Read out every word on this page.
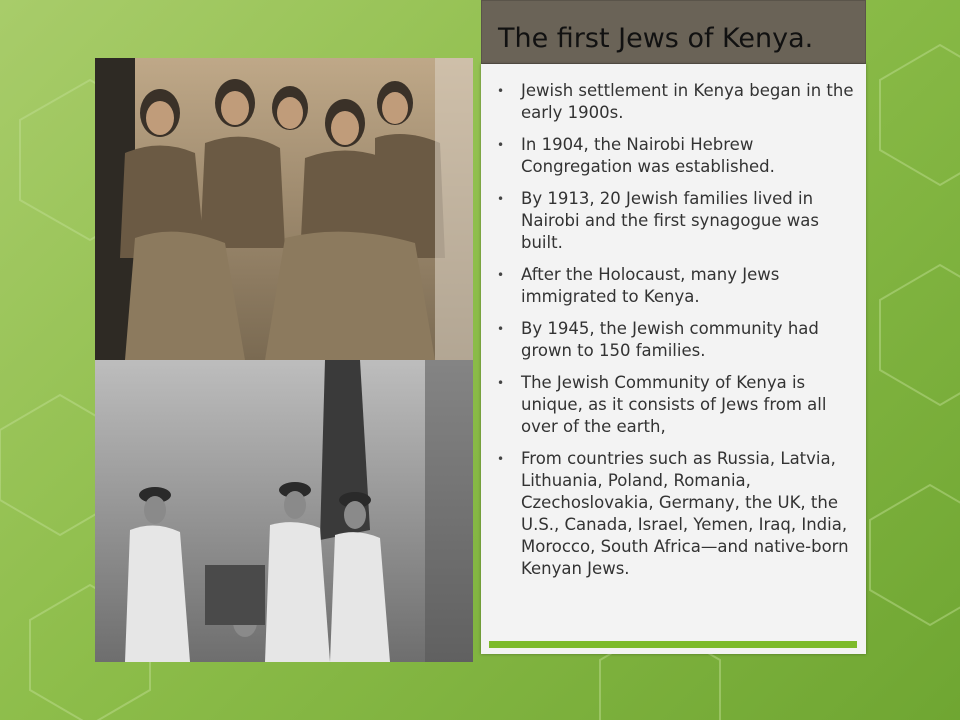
The first Jews of Kenya.
• Jewish settlement in Kenya began in the early 1900s.
• In 1904, the Nairobi Hebrew Congregation was established.
• By 1913, 20 Jewish families lived in Nairobi and the first synagogue was built.
• After the Holocaust, many Jews immigrated to Kenya.
• By 1945, the Jewish community had grown to 150 families.
• The Jewish Community of Kenya is unique, as it consists of Jews from all over of the earth,
• From countries such as Russia, Latvia, Lithuania, Poland, Romania, Czechoslovakia, Germany, the UK, the U.S., Canada, Israel, Yemen, Iraq, India, Morocco, South Africa—and native-born Kenyan Jews.
